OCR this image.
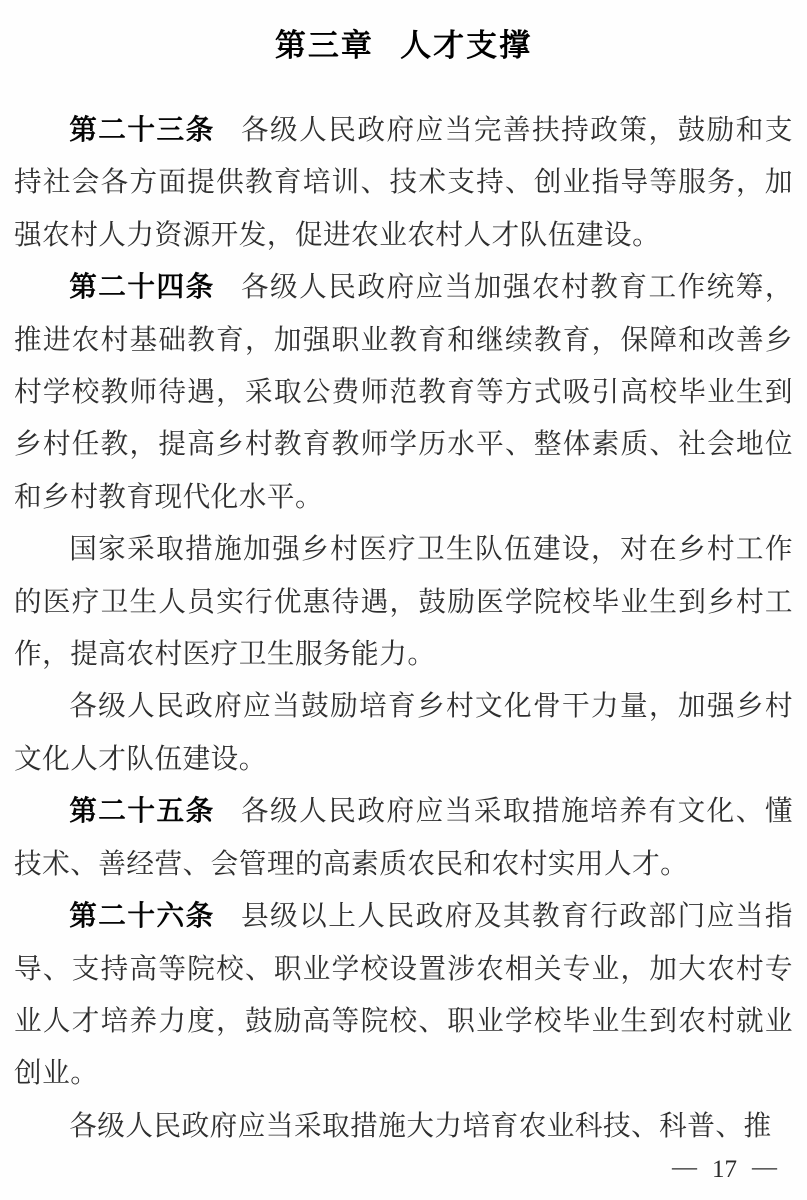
第三章 人才支撑

第二十三条 各级人民政府应当完善扶持政策，鼓励和支持社会各方面提供教育培训、技术支持、创业指导等服务，加强农村人力资源开发，促进农业农村人才队伍建设。

第二十四条 各级人民政府应当加强农村教育工作统筹，推进农村基础教育，加强职业教育和继续教育，保障和改善乡村学校教师待遇，采取公费师范教育等方式吸引高校毕业生到乡村任教，提高乡村教育教师学历水平、整体素质、社会地位和乡村教育现代化水平。

国家采取措施加强乡村医疗卫生队伍建设，对在乡村工作的医疗卫生人员实行优惠待遇，鼓励医学院校毕业生到乡村工作，提高农村医疗卫生服务能力。

各级人民政府应当鼓励培育乡村文化骨干力量，加强乡村文化人才队伍建设。

第二十五条 各级人民政府应当采取措施培养有文化、懂技术、善经营、会管理的高素质农民和农村实用人才。

第二十六条 县级以上人民政府及其教育行政部门应当指导、支持高等院校、职业学校设置涉农相关专业，加大农村专业人才培养力度，鼓励高等院校、职业学校毕业生到农村就业创业。

各级人民政府应当采取措施大力培育农业科技、科普、推

— 17 —
